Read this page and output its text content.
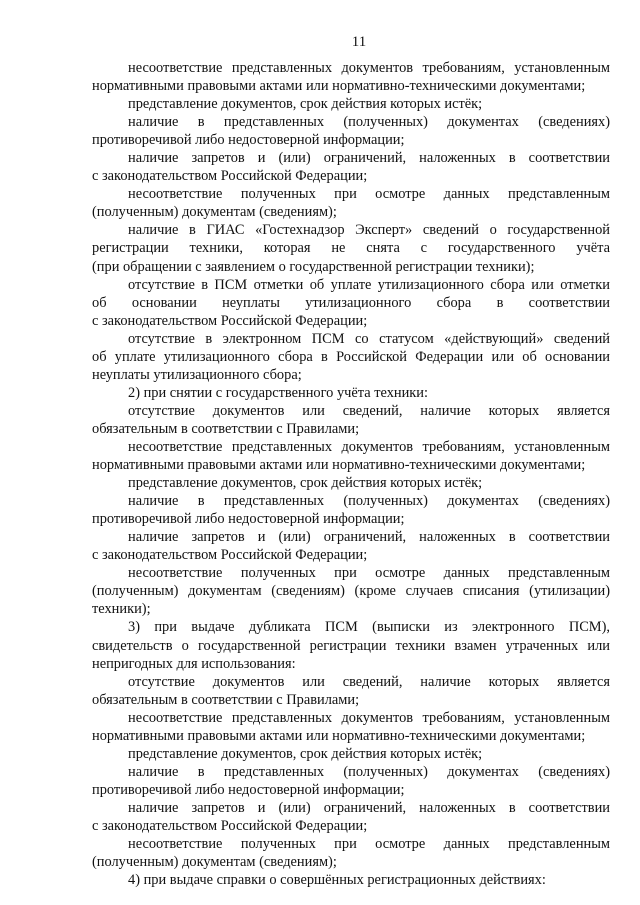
11
несоответствие представленных документов требованиям, установленным
нормативными правовыми актами или нормативно-техническими документами;
представление документов, срок действия которых истёк;
наличие в представленных (полученных) документах (сведениях)
противоречивой либо недостоверной информации;
наличие запретов и (или) ограничений, наложенных в соответствии
с законодательством Российской Федерации;
несоответствие полученных при осмотре данных представленным
(полученным) документам (сведениям);
наличие в ГИАС «Гостехнадзор Эксперт» сведений о государственной
регистрации техники, которая не снята с государственного учёта
(при обращении с заявлением о государственной регистрации техники);
отсутствие в ПСМ отметки об уплате утилизационного сбора или отметки
об основании неуплаты утилизационного сбора в соответствии
с законодательством Российской Федерации;
отсутствие в электронном ПСМ со статусом «действующий» сведений
об уплате утилизационного сбора в Российской Федерации или об основании
неуплаты утилизационного сбора;
2) при снятии с государственного учёта техники:
отсутствие документов или сведений, наличие которых является
обязательным в соответствии с Правилами;
несоответствие представленных документов требованиям, установленным
нормативными правовыми актами или нормативно-техническими документами;
представление документов, срок действия которых истёк;
наличие в представленных (полученных) документах (сведениях)
противоречивой либо недостоверной информации;
наличие запретов и (или) ограничений, наложенных в соответствии
с законодательством Российской Федерации;
несоответствие полученных при осмотре данных представленным
(полученным) документам (сведениям) (кроме случаев списания (утилизации)
техники);
3) при выдаче дубликата ПСМ (выписки из электронного ПСМ),
свидетельств о государственной регистрации техники взамен утраченных или
непригодных для использования:
отсутствие документов или сведений, наличие которых является
обязательным в соответствии с Правилами;
несоответствие представленных документов требованиям, установленным
нормативными правовыми актами или нормативно-техническими документами;
представление документов, срок действия которых истёк;
наличие в представленных (полученных) документах (сведениях)
противоречивой либо недостоверной информации;
наличие запретов и (или) ограничений, наложенных в соответствии
с законодательством Российской Федерации;
несоответствие полученных при осмотре данных представленным
(полученным) документам (сведениям);
4) при выдаче справки о совершённых регистрационных действиях:
